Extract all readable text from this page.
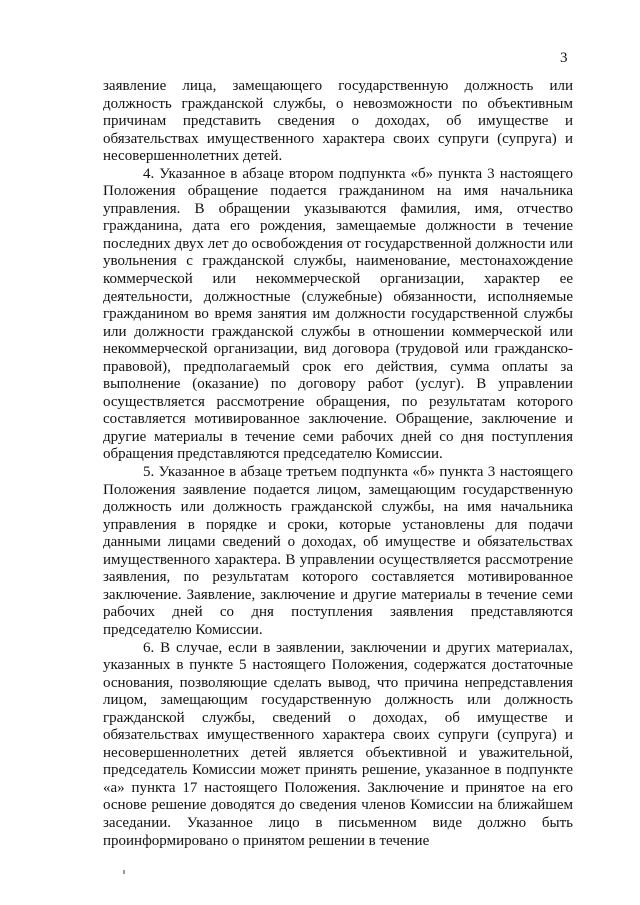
3

заявление лица, замещающего государственную должность или должность гражданской службы, о невозможности по объективным причинам представить сведения о доходах, об имуществе и обязательствах имущественного характера своих супруги (супруга) и несовершеннолетних детей.

4. Указанное в абзаце втором подпункта «б» пункта 3 настоящего Положения обращение подается гражданином на имя начальника управления. В обращении указываются фамилия, имя, отчество гражданина, дата его рождения, замещаемые должности в течение последних двух лет до освобождения от государственной должности или увольнения с гражданской службы, наименование, местонахождение коммерческой или некоммерческой организации, характер ее деятельности, должностные (служебные) обязанности, исполняемые гражданином во время занятия им должности государственной службы или должности гражданской службы в отношении коммерческой или некоммерческой организации, вид договора (трудовой или гражданско-правовой), предполагаемый срок его действия, сумма оплаты за выполнение (оказание) по договору работ (услуг). В управлении осуществляется рассмотрение обращения, по результатам которого составляется мотивированное заключение. Обращение, заключение и другие материалы в течение семи рабочих дней со дня поступления обращения представляются председателю Комиссии.

5. Указанное в абзаце третьем подпункта «б» пункта 3 настоящего Положения заявление подается лицом, замещающим государственную должность или должность гражданской службы, на имя начальника управления в порядке и сроки, которые установлены для подачи данными лицами сведений о доходах, об имуществе и обязательствах имущественного характера. В управлении осуществляется рассмотрение заявления, по результатам которого составляется мотивированное заключение. Заявление, заключение и другие материалы в течение семи рабочих дней со дня поступления заявления представляются председателю Комиссии.

6. В случае, если в заявлении, заключении и других материалах, указанных в пункте 5 настоящего Положения, содержатся достаточные основания, позволяющие сделать вывод, что причина непредставления лицом, замещающим государственную должность или должность гражданской службы, сведений о доходах, об имуществе и обязательствах имущественного характера своих супруги (супруга) и несовершеннолетних детей является объективной и уважительной, председатель Комиссии может принять решение, указанное в подпункте «а» пункта 17 настоящего Положения. Заключение и принятое на его основе решение доводятся до сведения членов Комиссии на ближайшем заседании. Указанное лицо в письменном виде должно быть проинформировано о принятом решении в течение
